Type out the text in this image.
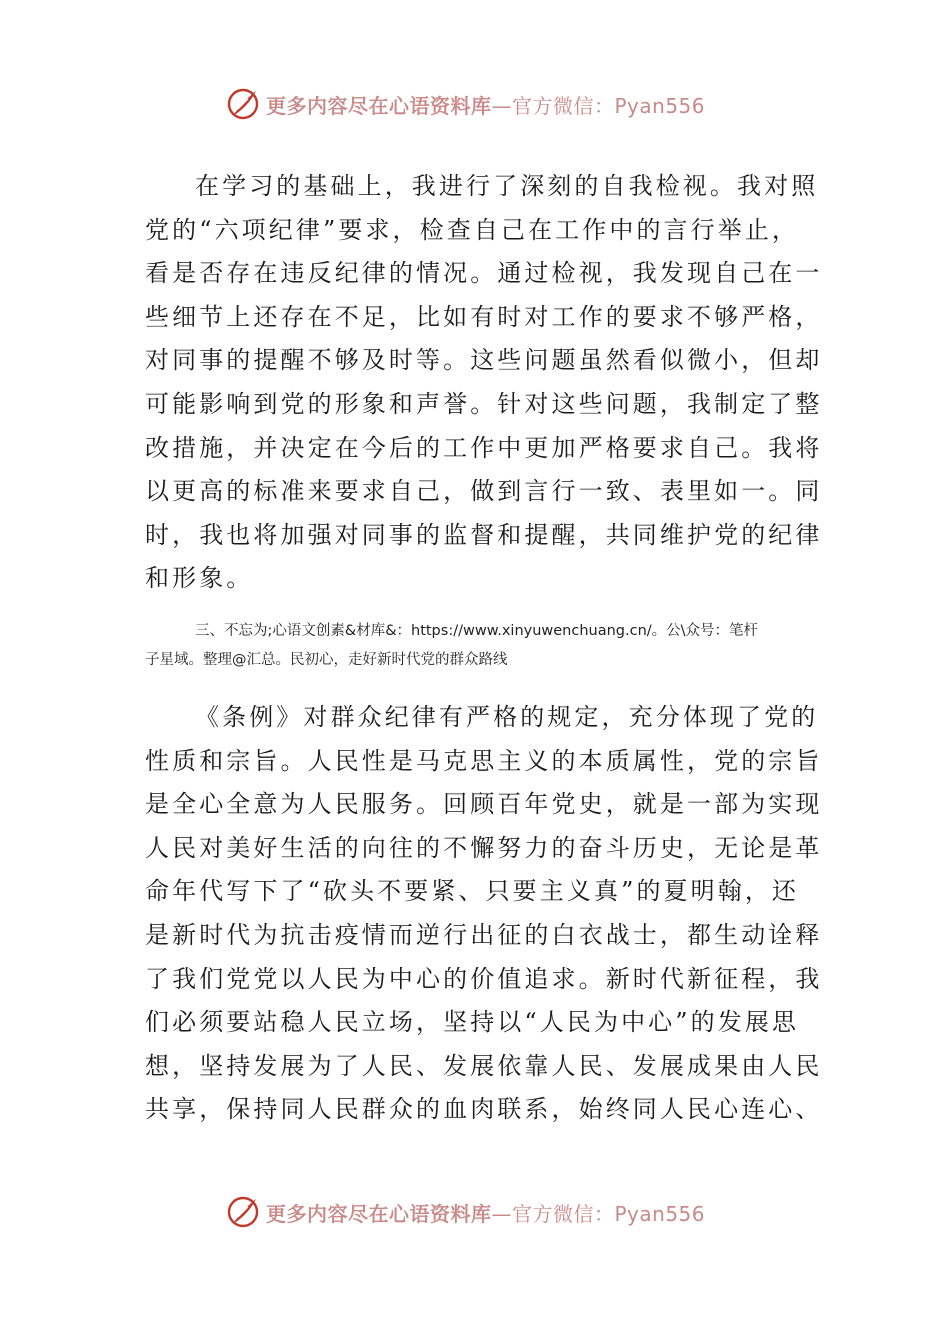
更多内容尽在心语资料库—官方微信：Pyan556
在学习的基础上，我进行了深刻的自我检视。我对照
党的“六项纪律”要求，检查自己在工作中的言行举止，
看是否存在违反纪律的情况。通过检视，我发现自己在一
些细节上还存在不足，比如有时对工作的要求不够严格，
对同事的提醒不够及时等。这些问题虽然看似微小，但却
可能影响到党的形象和声誉。针对这些问题，我制定了整
改措施，并决定在今后的工作中更加严格要求自己。我将
以更高的标准来要求自己，做到言行一致、表里如一。同
时，我也将加强对同事的监督和提醒，共同维护党的纪律
和形象。
三、不忘为;心语文创素&材库&：https://www.xinyuwenchuang.cn/。公\众号：笔杆
子星域。整理@汇总。民初心，走好新时代党的群众路线
《条例》对群众纪律有严格的规定，充分体现了党的
性质和宗旨。人民性是马克思主义的本质属性，党的宗旨
是全心全意为人民服务。回顾百年党史，就是一部为实现
人民对美好生活的向往的不懈努力的奋斗历史，无论是革
命年代写下了“砍头不要紧、只要主义真”的夏明翰，还
是新时代为抗击疫情而逆行出征的白衣战士，都生动诠释
了我们党党以人民为中心的价值追求。新时代新征程，我
们必须要站稳人民立场，坚持以“人民为中心”的发展思
想，坚持发展为了人民、发展依靠人民、发展成果由人民
共享，保持同人民群众的血肉联系，始终同人民心连心、
更多内容尽在心语资料库—官方微信：Pyan556
